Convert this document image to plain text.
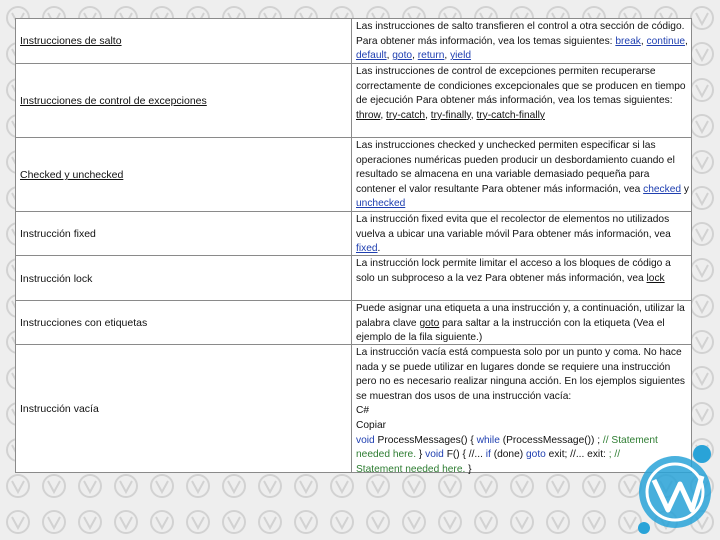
Instrucciones de salto
Las instrucciones de salto transfieren el control a otra sección de código. Para obtener más información, vea los temas siguientes: break, continue, default, goto, return, yield
Instrucciones de control de excepciones
Las instrucciones de control de excepciones permiten recuperarse correctamente de condiciones excepcionales que se producen en tiempo de ejecución Para obtener más información, vea los temas siguientes: throw, try-catch, try-finally, try-catch-finally
Checked y unchecked
Las instrucciones checked y unchecked permiten especificar si las operaciones numéricas pueden producir un desbordamiento cuando el resultado se almacena en una variable demasiado pequeña para contener el valor resultante Para obtener más información, vea checked y unchecked
Instrucción fixed
La instrucción fixed evita que el recolector de elementos no utilizados vuelva a ubicar una variable móvil Para obtener más información, vea fixed.
Instrucción lock
La instrucción lock permite limitar el acceso a los bloques de código a solo un subproceso a la vez Para obtener más información, vea lock
Instrucciones con etiquetas
Puede asignar una etiqueta a una instrucción y, a continuación, utilizar la palabra clave goto para saltar a la instrucción con la etiqueta (Vea el ejemplo de la fila siguiente.)
Instrucción vacía
La instrucción vacía está compuesta solo por un punto y coma. No hace nada y se puede utilizar en lugares donde se requiere una instrucción pero no es necesario realizar ninguna acción. En los ejemplos siguientes se muestran dos usos de una instrucción vacía:
C#
Copiar
void ProcessMessages() { while (ProcessMessage()) ; // Statement needed here. } void F() { //... if (done) goto exit; //... exit: ; //
Statement needed here. }
